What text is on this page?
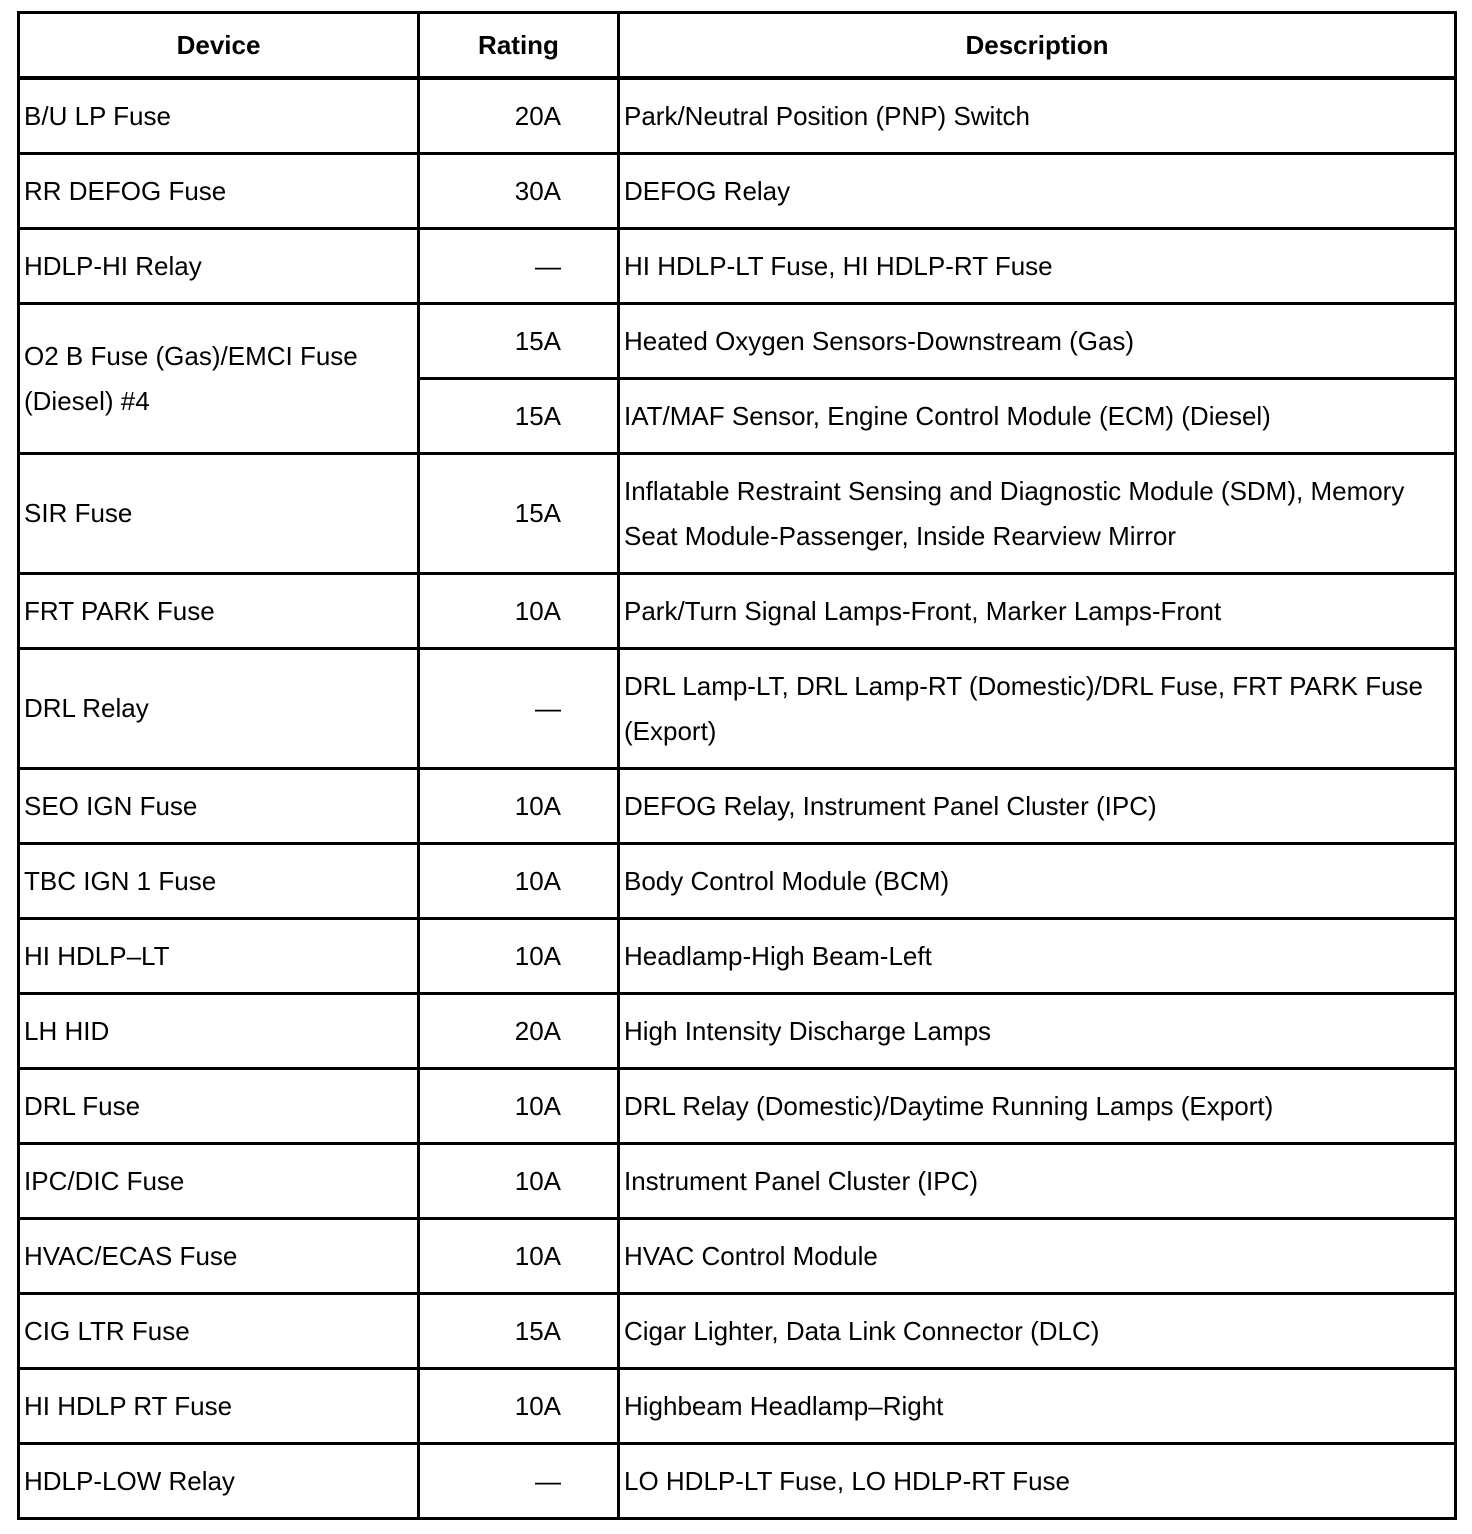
Device	Rating	Description
B/U LP Fuse	20A	Park/Neutral Position (PNP) Switch
RR DEFOG Fuse	30A	DEFOG Relay
HDLP-HI Relay	—	HI HDLP-LT Fuse, HI HDLP-RT Fuse
O2 B Fuse (Gas)/EMCI Fuse (Diesel) #4	15A	Heated Oxygen Sensors-Downstream (Gas)
	15A	IAT/MAF Sensor, Engine Control Module (ECM) (Diesel)
SIR Fuse	15A	Inflatable Restraint Sensing and Diagnostic Module (SDM), Memory Seat Module-Passenger, Inside Rearview Mirror
FRT PARK Fuse	10A	Park/Turn Signal Lamps-Front, Marker Lamps-Front
DRL Relay	—	DRL Lamp-LT, DRL Lamp-RT (Domestic)/DRL Fuse, FRT PARK Fuse (Export)
SEO IGN Fuse	10A	DEFOG Relay, Instrument Panel Cluster (IPC)
TBC IGN 1 Fuse	10A	Body Control Module (BCM)
HI HDLP–LT	10A	Headlamp-High Beam-Left
LH HID	20A	High Intensity Discharge Lamps
DRL Fuse	10A	DRL Relay (Domestic)/Daytime Running Lamps (Export)
IPC/DIC Fuse	10A	Instrument Panel Cluster (IPC)
HVAC/ECAS Fuse	10A	HVAC Control Module
CIG LTR Fuse	15A	Cigar Lighter, Data Link Connector (DLC)
HI HDLP RT Fuse	10A	Highbeam Headlamp–Right
HDLP-LOW Relay	—	LO HDLP-LT Fuse, LO HDLP-RT Fuse
